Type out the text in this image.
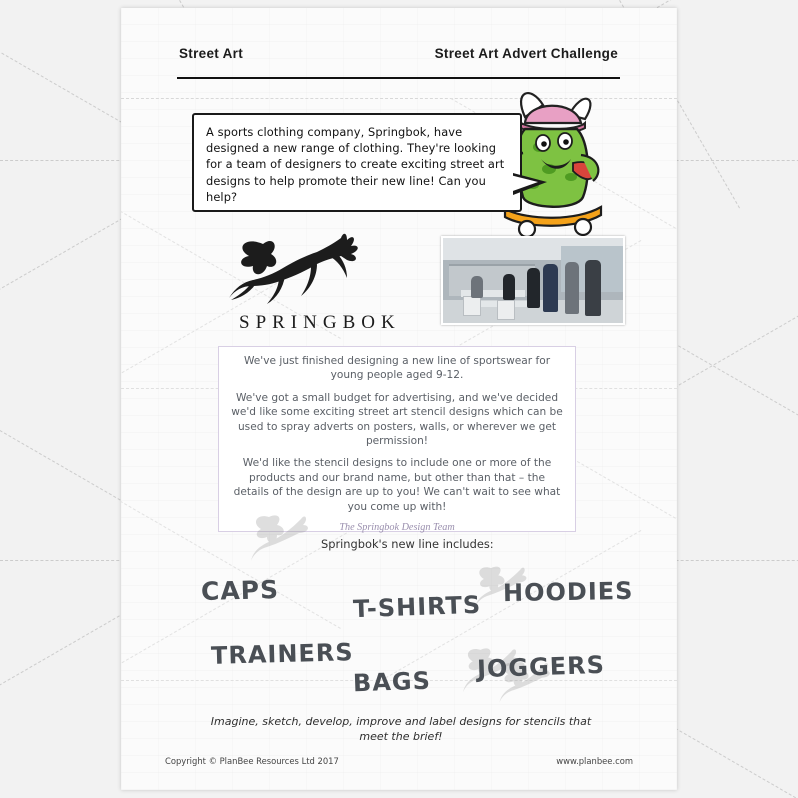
Street Art	Street Art Advert Challenge

A sports clothing company, Springbok, have designed a new range of clothing. They're looking for a team of designers to create exciting street art designs to help promote their new line! Can you help?

SPRINGBOK

We've just finished designing a new line of sportswear for young people aged 9-12.

We've got a small budget for advertising, and we've decided we'd like some exciting street art stencil designs which can be used to spray adverts on posters, walls, or wherever we get permission!

We'd like the stencil designs to include one or more of the products and our brand name, but other than that – the details of the design are up to you! We can't wait to see what you come up with!

The Springbok Design Team
Springbok's new line includes:
CAPS
T-SHIRTS HOODIES
TRAINERS
BAGS JOGGERS
Imagine, sketch, develop, improve and label designs for stencils that meet the brief!
Copyright © PlanBee Resources Ltd 2017	www.planbee.com
